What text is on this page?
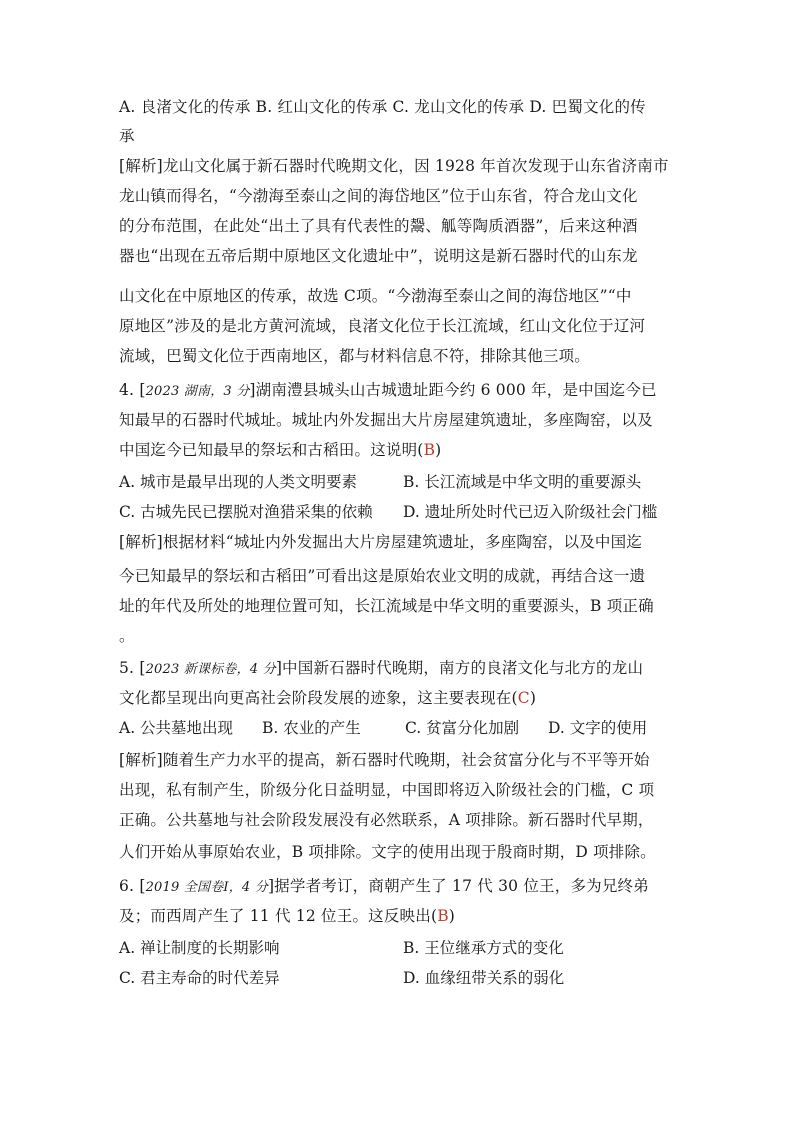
A. 良渚文化的传承 B. 红山文化的传承 C. 龙山文化的传承 D. 巴蜀文化的传
承
[解析]龙山文化属于新石器时代晚期文化，因 1928 年首次发现于山东省济南市
龙山镇而得名，“今渤海至泰山之间的海岱地区”位于山东省，符合龙山文化
的分布范围，在此处“出土了具有代表性的鬶、觚等陶质酒器”，后来这种酒
器也“出现在五帝后期中原地区文化遗址中”，说明这是新石器时代的山东龙
山文化在中原地区的传承，故选 C项。“今渤海至泰山之间的海岱地区”“中
原地区”涉及的是北方黄河流域，良渚文化位于长江流域，红山文化位于辽河
流域，巴蜀文化位于西南地区，都与材料信息不符，排除其他三项。
4. [2023 湖南，3 分]湖南澧县城头山古城遗址距今约 6 000 年，是中国迄今已
知最早的石器时代城址。城址内外发掘出大片房屋建筑遗址，多座陶窑，以及
中国迄今已知最早的祭坛和古稻田。这说明(B)
A. 城市是最早出现的人类文明要素	B. 长江流域是中华文明的重要源头
C. 古城先民已摆脱对渔猎采集的依赖 D. 遗址所处时代已迈入阶级社会门槛
[解析]根据材料“城址内外发掘出大片房屋建筑遗址，多座陶窑，以及中国迄
今已知最早的祭坛和古稻田”可看出这是原始农业文明的成就，再结合这一遗
址的年代及所处的地理位置可知，长江流域是中华文明的重要源头，B 项正确
。
5. [2023 新课标卷，4 分]中国新石器时代晚期，南方的良渚文化与北方的龙山
文化都呈现出向更高社会阶段发展的迹象，这主要表现在(C)
A. 公共墓地出现 B. 农业的产生	C. 贫富分化加剧 D. 文字的使用
[解析]随着生产力水平的提高，新石器时代晚期，社会贫富分化与不平等开始
出现，私有制产生，阶级分化日益明显，中国即将迈入阶级社会的门槛，C 项
正确。公共墓地与社会阶段发展没有必然联系，A 项排除。新石器时代早期，
人们开始从事原始农业，B 项排除。文字的使用出现于殷商时期，D 项排除。
6. [2019 全国卷Ⅰ，4 分]据学者考订，商朝产生了 17 代 30 位王，多为兄终弟
及；而西周产生了 11 代 12 位王。这反映出(B)
A. 禅让制度的长期影响	B. 王位继承方式的变化
C. 君主寿命的时代差异	D. 血缘纽带关系的弱化
